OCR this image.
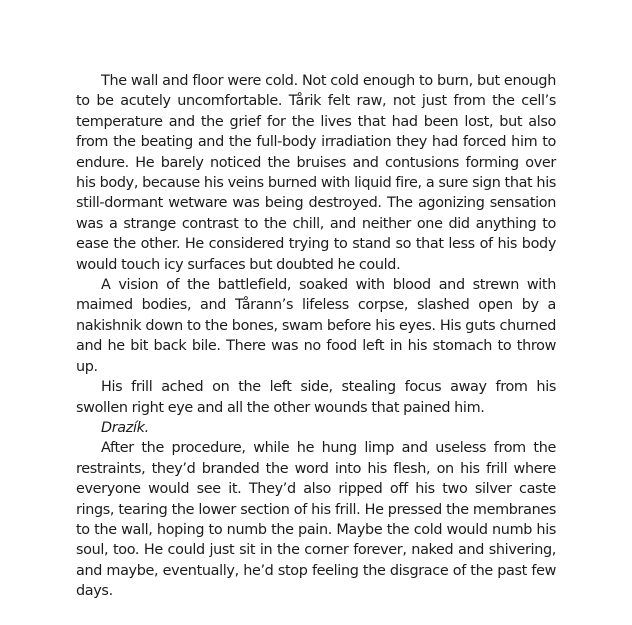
The wall and floor were cold. Not cold enough to burn, but enough to be acutely uncomfortable. Tårik felt raw, not just from the cell’s temperature and the grief for the lives that had been lost, but also from the beating and the full-body irradiation they had forced him to endure. He barely noticed the bruises and contusions forming over his body, because his veins burned with liquid fire, a sure sign that his still-dormant wetware was being destroyed. The agonizing sensation was a strange contrast to the chill, and neither one did anything to ease the other. He considered trying to stand so that less of his body would touch icy surfaces but doubted he could.

A vision of the battlefield, soaked with blood and strewn with maimed bodies, and Tårann’s lifeless corpse, slashed open by a nakishnik down to the bones, swam before his eyes. His guts churned and he bit back bile. There was no food left in his stomach to throw up.

His frill ached on the left side, stealing focus away from his swollen right eye and all the other wounds that pained him.

Drazík.

After the procedure, while he hung limp and useless from the restraints, they’d branded the word into his flesh, on his frill where everyone would see it. They’d also ripped off his two silver caste rings, tearing the lower section of his frill. He pressed the membranes to the wall, hoping to numb the pain. Maybe the cold would numb his soul, too. He could just sit in the corner forever, naked and shivering, and maybe, eventually, he’d stop feeling the disgrace of the past few days.
